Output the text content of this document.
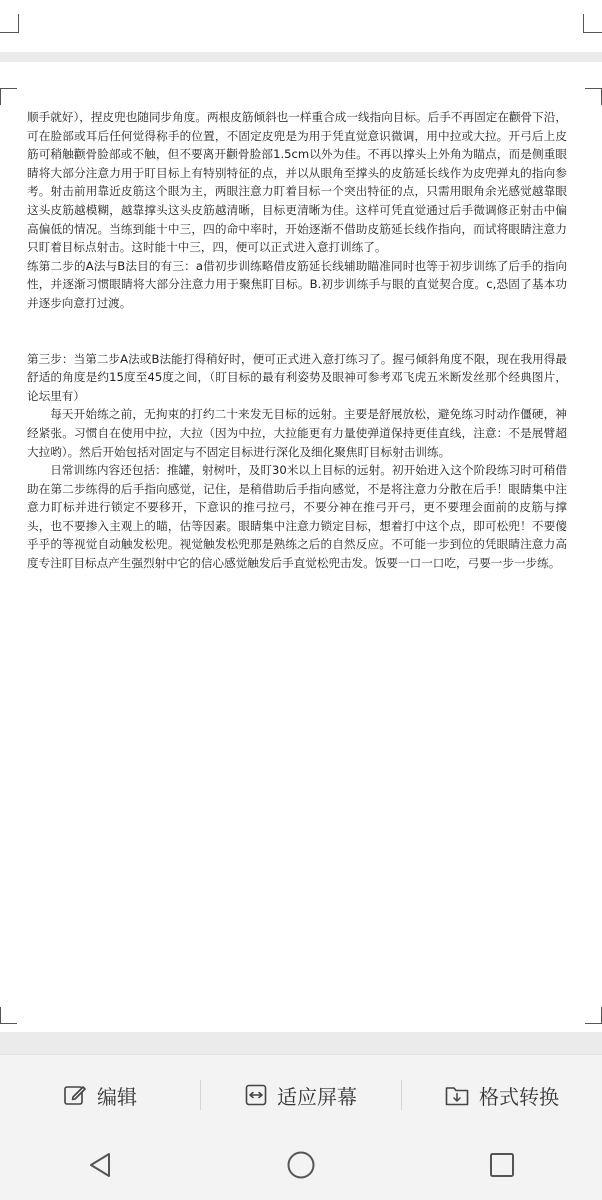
顺手就好），捏皮兜也随同步角度。两根皮筋倾斜也一样重合成一线指向目标。后手不再固定在颧骨下沿，可在脸部或耳后任何觉得称手的位置，不固定皮兜是为用于凭直觉意识微调，用中拉或大拉。开弓后上皮筋可稍触颧骨脸部或不触，但不要离开颧骨脸部1.5cm以外为佳。不再以撑头上外角为瞄点，而是侧重眼睛将大部分注意力用于盯目标上有特别特征的点，并以从眼角至撑头的皮筋延长线作为皮兜弹丸的指向参考。射击前用靠近皮筋这个眼为主，两眼注意力盯着目标一个突出特征的点，只需用眼角余光感觉越靠眼这头皮筋越模糊，越靠撑头这头皮筋越清晰，目标更清晰为佳。这样可凭直觉通过后手微调修正射击中偏高偏低的情况。当练到能十中三，四的命中率时，开始逐渐不借助皮筋延长线作指向，而试将眼睛注意力只盯着目标点射击。这时能十中三，四，便可以正式进入意打训练了。

练第二步的A法与B法目的有三：a借初步训练略借皮筋延长线辅助瞄准同时也等于初步训练了后手的指向性，并逐渐习惯眼睛将大部分注意力用于聚焦盯目标。B.初步训练手与眼的直觉契合度。c,恐固了基本功并逐步向意打过渡。

第三步：当第二步A法或B法能打得稍好时，便可正式进入意打练习了。握弓倾斜角度不限，现在我用得最舒适的角度是约15度至45度之间，（盯目标的最有利姿势及眼神可参考邓飞虎五米断发丝那个经典图片，论坛里有）

每天开始练之前，无拘束的打约二十来发无目标的远射。主要是舒展放松，避免练习时动作僵硬，神经紧张。习惯自在使用中拉，大拉（因为中拉，大拉能更有力量使弹道保持更佳直线，注意：不是展臂超大拉哟）。然后开始包括对固定与不固定目标进行深化及细化聚焦盯目标射击训练。

日常训练内容还包括：推罐，射树叶，及盯30米以上目标的远射。初开始进入这个阶段练习时可稍借助在第二步练得的后手指向感觉，记住，是稍借助后手指向感觉，不是将注意力分散在后手！眼睛集中注意力盯标并进行锁定不要移开，下意识的推弓拉弓，不要分神在推弓开弓，更不要理会面前的皮筋与撑头，也不要掺入主观上的瞄，估等因素。眼睛集中注意力锁定目标，想着打中这个点，即可松兜！不要傻乎乎的等视觉自动触发松兜。视觉触发松兜那是熟练之后的自然反应。不可能一步到位的凭眼睛注意力高度专注盯目标点产生强烈射中它的信心感觉触发后手直觉松兜击发。饭要一口一口吃，弓要一步一步练。

编辑	适应屏幕	格式转换
